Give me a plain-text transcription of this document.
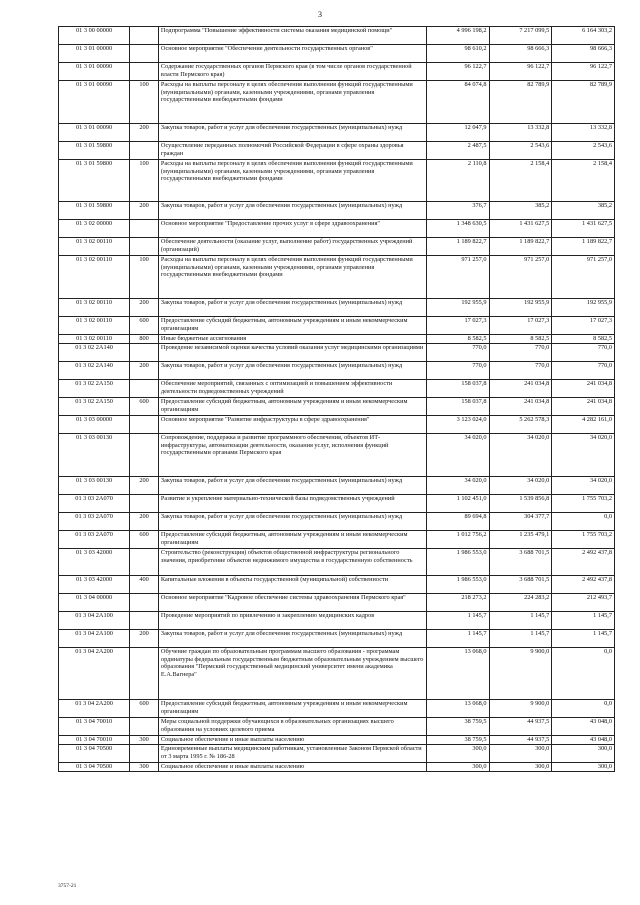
3
01 3 00 00000		Подпрограмма "Повышение эффективности системы оказания медицинской помощи"	4 996 198,2	7 217 099,5	6 164 303,2
01 3 01 00000		Основное мероприятие "Обеспечение деятельности государственных органов"	98 610,2	98 666,3	98 666,3
01 3 01 00090		Содержание государственных органов Пермского края (в том числе органов государственной власти Пермского края)	96 122,7	96 122,7	96 122,7
01 3 01 00090	100	Расходы на выплаты персоналу в целях обеспечения выполнения функций государственными (муниципальными) органами, казенными учреждениями, органами управления государственными внебюджетными фондами	84 074,8	82 789,9	82 789,9
01 3 01 00090	200	Закупка товаров, работ и услуг для обеспечения государственных (муниципальных) нужд	12 047,9	13 332,8	13 332,8
01 3 01 59800		Осуществление переданных полномочий Российской Федерации в сфере охраны здоровья граждан	2 487,5	2 543,6	2 543,6
01 3 01 59800	100	Расходы на выплаты персоналу в целях обеспечения выполнения функций государственными (муниципальными) органами, казенными учреждениями, органами управления государственными внебюджетными фондами	2 110,8	2 158,4	2 158,4
01 3 01 59800	200	Закупка товаров, работ и услуг для обеспечения государственных (муниципальных) нужд	376,7	385,2	385,2
01 3 02 00000		Основное мероприятие "Предоставление прочих услуг в сфере здравоохранения"	1 348 630,5	1 431 627,5	1 431 627,5
01 3 02 00110		Обеспечение деятельности (оказание услуг, выполнение работ) государственных учреждений (организаций)	1 189 822,7	1 189 822,7	1 189 822,7
01 3 02 00110	100	Расходы на выплаты персоналу в целях обеспечения выполнения функций государственными (муниципальными) органами, казенными учреждениями, органами управления государственными внебюджетными фондами	971 257,0	971 257,0	971 257,0
01 3 02 00110	200	Закупка товаров, работ и услуг для обеспечения государственных (муниципальных) нужд	192 955,9	192 955,9	192 955,9
01 3 02 00110	600	Предоставление субсидий бюджетным, автономным учреждениям и иным некоммерческим организациям	17 027,3	17 027,3	17 027,3
01 3 02 00110	800	Иные бюджетные ассигнования	8 582,5	8 582,5	8 582,5
01 3 02 2А140		Проведение независимой оценки качества условий оказания услуг медицинскими организациями	770,0	770,0	770,0
01 3 02 2А140	200	Закупка товаров, работ и услуг для обеспечения государственных (муниципальных) нужд	770,0	770,0	770,0
01 3 02 2А150		Обеспечение мероприятий, связанных с оптимизацией и повышением эффективности деятельности подведомственных учреждений	158 037,8	241 034,8	241 034,8
01 3 02 2А150	600	Предоставление субсидий бюджетным, автономным учреждениям и иным некоммерческим организациям	158 037,8	241 034,8	241 034,8
01 3 03 00000		Основное мероприятие "Развитие инфраструктуры в сфере здравоохранения"	3 123 024,0	5 262 578,3	4 282 161,0
01 3 03 00130		Сопровождение, поддержка и развитие программного обеспечения, объектов ИТ-инфраструктуры, автоматизации деятельности, оказания услуг, исполнения функций государственными органами Пермского края	34 020,0	34 020,0	34 020,0
01 3 03 00130	200	Закупка товаров, работ и услуг для обеспечения государственных (муниципальных) нужд	34 020,0	34 020,0	34 020,0
01 3 03 2А070		Развитие и укрепление материально-технической базы подведомственных учреждений	1 102 451,0	1 539 856,8	1 755 703,2
01 3 03 2А070	200	Закупка товаров, работ и услуг для обеспечения государственных (муниципальных) нужд	89 694,8	304 377,7	0,0
01 3 03 2А070	600	Предоставление субсидий бюджетным, автономным учреждениям и иным некоммерческим организациям	1 012 756,2	1 235 479,1	1 755 703,2
01 3 03 42000		Строительство (реконструкция) объектов общественной инфраструктуры регионального значения, приобретение объектов недвижимого имущества в государственную собственность	1 986 553,0	3 688 701,5	2 492 437,8
01 3 03 42000	400	Капитальные вложения в объекты государственной (муниципальной) собственности	1 986 553,0	3 688 701,5	2 492 437,8
01 3 04 00000		Основное мероприятие "Кадровое обеспечение системы здравоохранения Пермского края"	218 273,2	224 283,2	212 493,7
01 3 04 2А100		Проведение мероприятий по привлечению и закреплению медицинских кадров	1 145,7	1 145,7	1 145,7
01 3 04 2А100	200	Закупка товаров, работ и услуг для обеспечения государственных (муниципальных) нужд	1 145,7	1 145,7	1 145,7
01 3 04 2А200		Обучение граждан по образовательным программам высшего образования - программам ординатуры федеральным государственным бюджетным образовательным учреждением высшего образования "Пермский государственный медицинский университет имени академика Е.А.Вагнера"	13 068,0	9 900,0	0,0
01 3 04 2А200	600	Предоставление субсидий бюджетным, автономным учреждениям и иным некоммерческим организациям	13 068,0	9 900,0	0,0
01 3 04 70010		Меры социальной поддержки обучающихся в образовательных организациях высшего образования на условиях целевого приема	38 759,5	44 937,5	43 048,0
01 3 04 70010	300	Социальное обеспечение и иные выплаты населению	38 759,5	44 937,5	43 048,0
01 3 04 70500		Единовременные выплаты медицинским работникам, установленные Законом Пермской области от 3 марта 1995 г. № 186-28	300,0	300,0	300,0
01 3 04 70500	300	Социальное обеспечение и иные выплаты населению	300,0	300,0	300,0
3757-21
